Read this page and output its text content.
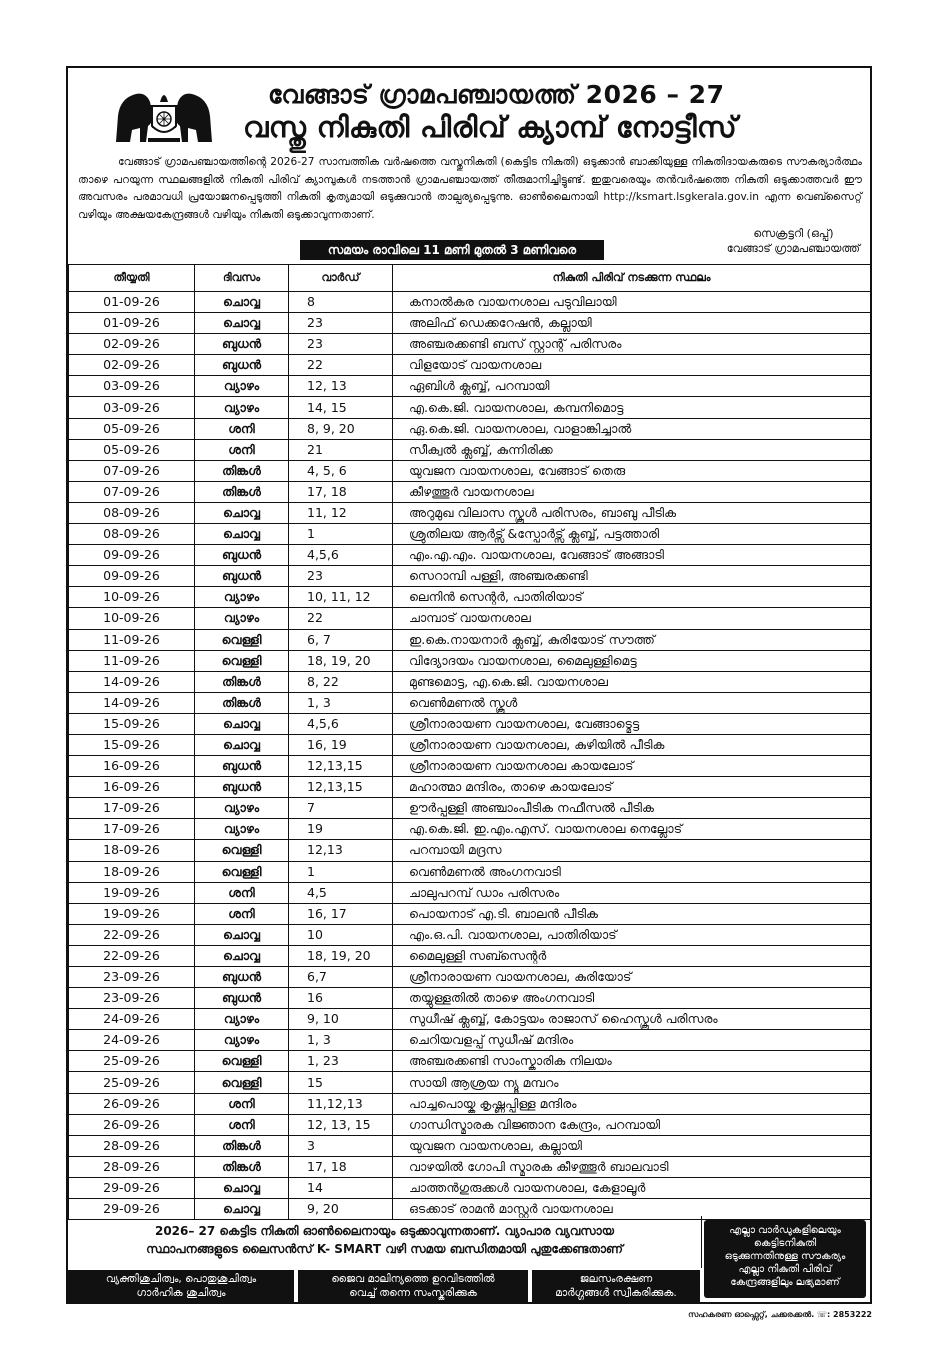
വേങ്ങാട് ഗ്രാമപഞ്ചായത്ത് 2026 – 27
വസ്തു നികുതി പിരിവ് ക്യാമ്പ് നോട്ടീസ്

വേങ്ങാട് ഗ്രാമപഞ്ചായത്തിന്റെ 2026-27 സാമ്പത്തിക വർഷത്തെ വസ്തുനികുതി (കെട്ടിട നികുതി) ഒടുക്കാൻ ബാക്കിയുള്ള നികുതിദായകരുടെ സൗകര്യാർത്ഥം താഴെ പറയുന്ന സ്ഥലങ്ങളിൽ നികുതി പിരിവ് ക്യാമ്പുകൾ നടത്താൻ ഗ്രാമപഞ്ചായത്ത് തീരുമാനിച്ചിട്ടുണ്ട്. ഇതുവരെയും തൻവർഷത്തെ നികുതി ഒടുക്കാത്തവർ ഈ അവസരം പരമാവധി പ്രയോജനപ്പെടുത്തി നികുതി കൃത്യമായി ഒടുക്കുവാൻ താല്പര്യപ്പെടുന്നു. ഓൺലൈനായി http://ksmart.lsgkerala.gov.in എന്ന വെബ്സൈറ്റ് വഴിയും അക്ഷയകേന്ദ്രങ്ങൾ വഴിയും നികുതി ഒടുക്കാവുന്നതാണ്.

സെക്രട്ടറി (ഒപ്പ്)
വേങ്ങാട് ഗ്രാമപഞ്ചായത്ത്
സമയം രാവിലെ 11 മണി മുതൽ 3 മണിവരെ
തീയ്യതി	ദിവസം	വാർഡ്	നികുതി പിരിവ് നടക്കുന്ന സ്ഥലം
01-09-26	ചൊവ്വ	8	കനാൽകര വായനശാല പടുവിലായി
01-09-26	ചൊവ്വ	23	അലിഫ് ഡെക്കറേഷൻ, കല്ലായി
02-09-26	ബുധൻ	23	അഞ്ചരക്കണ്ടി ബസ് സ്റ്റാന്റ് പരിസരം
02-09-26	ബുധൻ	22	വിളയോട് വായനശാല
03-09-26	വ്യാഴം	12, 13	ഏബിൾ ക്ലബ്ബ്, പറമ്പായി
03-09-26	വ്യാഴം	14, 15	എ.കെ.ജി. വായനശാല, കമ്പനിമൊട്ട
05-09-26	ശനി	8, 9, 20	ഏ.കെ.ജി. വായനശാല, വാളാങ്കിച്ചാൽ
05-09-26	ശനി	21	സീക്വൽ ക്ലബ്ബ്, കുന്നിരിക്ക
07-09-26	തിങ്കൾ	4, 5, 6	യുവജന വായനശാല, വേങ്ങാട് തെരു
07-09-26	തിങ്കൾ	17, 18	കീഴത്തൂർ വായനശാല
08-09-26	ചൊവ്വ	11, 12	അറുമുഖ വിലാസ സ്കൂൾ പരിസരം, ബാബു പീടിക
08-09-26	ചൊവ്വ	1	ശ്രുതിലയ ആർട്സ് &സ്പോർട്സ് ക്ലബ്ബ്, പട്ടത്താരി
09-09-26	ബുധൻ	4,5,6	എം.എ.എം. വായനശാല, വേങ്ങാട് അങ്ങാടി
09-09-26	ബുധൻ	23	സെറാമ്പി പള്ളി, അഞ്ചരക്കണ്ടി
10-09-26	വ്യാഴം	10, 11, 12	ലെനിൻ സെന്റർ, പാതിരിയാട്
10-09-26	വ്യാഴം	22	ചാമ്പാട് വായനശാല
11-09-26	വെള്ളി	6, 7	ഇ.കെ.നായനാർ ക്ലബ്ബ്, കുരിയോട് സൗത്ത്
11-09-26	വെള്ളി	18, 19, 20	വിദ്യോദയം വായനശാല, മൈലുള്ളിമെട്ട
14-09-26	തിങ്കൾ	8, 22	മുണ്ടമൊട്ട, എ.കെ.ജി. വായനശാല
14-09-26	തിങ്കൾ	1, 3	വെൺമണൽ സ്കൂൾ
15-09-26	ചൊവ്വ	4,5,6	ശ്രീനാരായണ വായനശാല, വേങ്ങാട്മെട്ട
15-09-26	ചൊവ്വ	16, 19	ശ്രീനാരായണ വായനശാല, കുഴിയിൽ പീടിക
16-09-26	ബുധൻ	12,13,15	ശ്രീനാരായണ വായനശാല കായലോട്
16-09-26	ബുധൻ	12,13,15	മഹാത്മാ മന്ദിരം, താഴെ കായലോട്
17-09-26	വ്യാഴം	7	ഊർപ്പള്ളി അഞ്ചാംപീടിക നഫീസൽ പീടിക
17-09-26	വ്യാഴം	19	എ.കെ.ജി. ഇ.എം.എസ്. വായനശാല നെല്ലോട്
18-09-26	വെള്ളി	12,13	പറമ്പായി മദ്രസ
18-09-26	വെള്ളി	1	വെൺമണൽ അംഗനവാടി
19-09-26	ശനി	4,5	ചാലുപറമ്പ് ഡാം പരിസരം
19-09-26	ശനി	16, 17	പൊയനാട് എ.ടി. ബാലൻ പീടിക
22-09-26	ചൊവ്വ	10	എം.ഒ.പി. വായനശാല, പാതിരിയാട്
22-09-26	ചൊവ്വ	18, 19, 20	മൈലുള്ളി സബ്സെന്റർ
23-09-26	ബുധൻ	6,7	ശ്രീനാരായണ വായനശാല, കുരിയോട്
23-09-26	ബുധൻ	16	തയ്യുള്ളതിൽ താഴെ അംഗനവാടി
24-09-26	വ്യാഴം	9, 10	സുധീഷ് ക്ലബ്ബ്, കോട്ടയം രാജാസ് ഹൈസ്കൂൾ പരിസരം
24-09-26	വ്യാഴം	1, 3	ചെറിയവളപ്പ് സുധീഷ് മന്ദിരം
25-09-26	വെള്ളി	1, 23	അഞ്ചരക്കണ്ടി സാംസ്കാരിക നിലയം
25-09-26	വെള്ളി	15	സായി ആശ്രയ ന്യൂ മമ്പറം
26-09-26	ശനി	11,12,13	പാച്ചപൊയ്ക കൃഷ്ണപ്പിള്ള മന്ദിരം
26-09-26	ശനി	12, 13, 15	ഗാന്ധിസ്മാരക വിജ്ഞാന കേന്ദ്രം, പറമ്പായി
28-09-26	തിങ്കൾ	3	യുവജന വായനശാല, കല്ലായി
28-09-26	തിങ്കൾ	17, 18	വാഴയിൽ ഗോപി സ്മാരക കീഴത്തൂർ ബാലവാടി
29-09-26	ചൊവ്വ	14	ചാത്തൻഗുരുക്കൾ വായനശാല, കേളാലൂർ
29-09-26	ചൊവ്വ	9, 20	ഒടക്കാട് രാമൻ മാസ്റ്റർ വായനശാല
2026– 27 കെട്ടിട നികുതി ഓൺലൈനായും ഒടുക്കാവുന്നതാണ്. വ്യാപാര വ്യവസായ
സ്ഥാപനങ്ങളുടെ ലൈസൻസ് K- SMART വഴി സമയ ബന്ധിതമായി പുതുക്കേണ്ടതാണ്
എല്ലാ വാർഡുകളിലെയും
കെട്ടിടനികുതി
ഒടുക്കുന്നതിനുള്ള സൗകര്യം
എല്ലാ നികുതി പിരിവ്
കേന്ദ്രങ്ങളിലും ലഭ്യമാണ്
വ്യക്തിശുചിത്വം, പൊതുശുചിത്വം
ഗാർഹിക ശുചിത്വം
ജൈവ മാലിന്യത്തെ ഉറവിടത്തിൽ
വെച്ച് തന്നെ സംസ്കരിക്കുക
ജലസംരക്ഷണ
മാർഗ്ഗങ്ങൾ സ്വീകരിക്കുക.
സഹകരണ ഓഫ്സെറ്റ്, ചക്കരക്കൽ. ☏: 2853222
